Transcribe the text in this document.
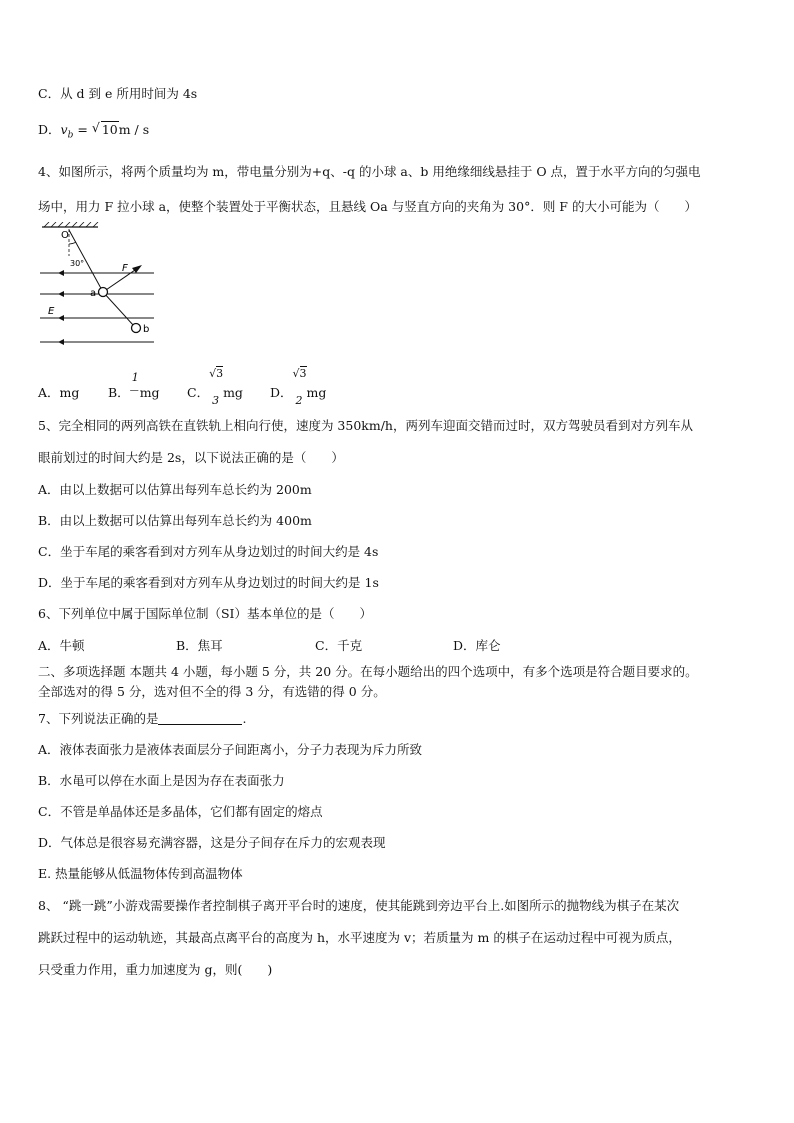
C．从 d 到 e 所用时间为 4s
D．$v_b$ = √ 10m / s
4、如图所示，将两个质量均为 m，带电量分别为+q、-q 的小球 a、b 用绝缘细线悬挂于 O 点，置于水平方向的匀强电
场中，用力 F 拉小球 a，使整个装置处于平衡状态，且悬线 Oa 与竖直方向的夹角为 30°．则 F 的大小可能为（　　）
O
30°	F
a
E
b
A．mg B．
1
— mg C．
√3
3
mg D．
√3
2
mg
5、完全相同的两列高铁在直铁轨上相向行使，速度为 350km/h，两列车迎面交错而过时，双方驾驶员看到对方列车从
眼前划过的时间大约是 2s，以下说法正确的是（　　）
A．由以上数据可以估算出每列车总长约为 200m
B．由以上数据可以估算出每列车总长约为 400m
C．坐于车尾的乘客看到对方列车从身边划过的时间大约是 4s
D．坐于车尾的乘客看到对方列车从身边划过的时间大约是 1s
6、下列单位中属于国际单位制（SI）基本单位的是（　　）
A．牛顿	B．焦耳	C．千克	D．库仑
二、多项选择题 本题共 4 小题，每小题 5 分，共 20 分。在每小题给出的四个选项中，有多个选项是符合题目要求的。
全部选对的得 5 分，选对但不全的得 3 分，有选错的得 0 分。
7、下列说法正确的是	.
A．液体表面张力是液体表面层分子间距离小，分子力表现为斥力所致
B．水黾可以停在水面上是因为存在表面张力
C．不管是单晶体还是多晶体，它们都有固定的熔点
D．气体总是很容易充满容器，这是分子间存在斥力的宏观表现
E. 热量能够从低温物体传到高温物体
8、 “跳一跳”小游戏需要操作者控制棋子离开平台时的速度，使其能跳到旁边平台上.如图所示的抛物线为棋子在某次
跳跃过程中的运动轨迹，其最高点离平台的高度为 h，水平速度为 v；若质量为 m 的棋子在运动过程中可视为质点，
只受重力作用，重力加速度为 g，则(　　)
